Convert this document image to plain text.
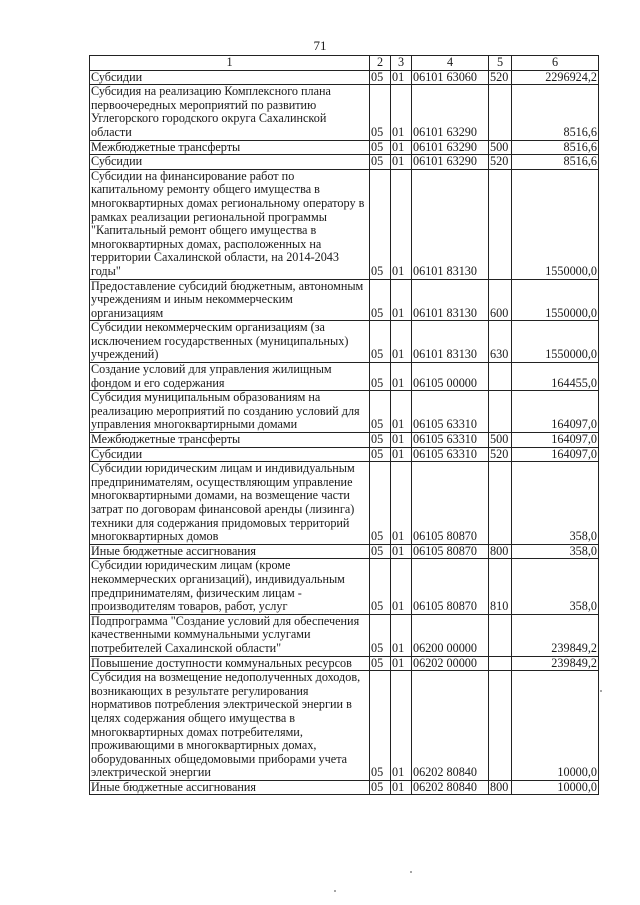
71
1	2	3	4	5	6
Субсидии	05	01	06101 63060	520	2296924,2
Субсидия на реализацию Комплексного плана первоочередных мероприятий по развитию Углегорского городского округа Сахалинской области	05	01	06101 63290		8516,6
Межбюджетные трансферты	05	01	06101 63290	500	8516,6
Субсидии	05	01	06101 63290	520	8516,6
Субсидии на финансирование работ по капитальному ремонту общего имущества в многоквартирных домах региональному оператору в рамках реализации региональной программы "Капитальный ремонт общего имущества в многоквартирных домах, расположенных на территории Сахалинской области, на 2014-2043 годы"	05	01	06101 83130		1550000,0
Предоставление субсидий бюджетным, автономным учреждениям и иным некоммерческим организациям	05	01	06101 83130	600	1550000,0
Субсидии некоммерческим организациям (за исключением государственных (муниципальных) учреждений)	05	01	06101 83130	630	1550000,0
Создание условий для управления жилищным фондом и его содержания	05	01	06105 00000		164455,0
Субсидия муниципальным образованиям на реализацию мероприятий по созданию условий для управления многоквартирными домами	05	01	06105 63310		164097,0
Межбюджетные трансферты	05	01	06105 63310	500	164097,0
Субсидии	05	01	06105 63310	520	164097,0
Субсидии юридическим лицам и индивидуальным предпринимателям, осуществляющим управление многоквартирными домами, на возмещение части затрат по договорам финансовой аренды (лизинга) техники для содержания придомовых территорий многоквартирных домов	05	01	06105 80870		358,0
Иные бюджетные ассигнования	05	01	06105 80870	800	358,0
Субсидии юридическим лицам (кроме некоммерческих организаций), индивидуальным предпринимателям, физическим лицам - производителям товаров, работ, услуг	05	01	06105 80870	810	358,0
Подпрограмма "Создание условий для обеспечения качественными коммунальными услугами потребителей Сахалинской области"	05	01	06200 00000		239849,2
Повышение доступности коммунальных ресурсов	05	01	06202 00000		239849,2
Субсидия на возмещение недополученных доходов, возникающих в результате регулирования нормативов потребления электрической энергии в целях содержания общего имущества в многоквартирных домах потребителями, проживающими в многоквартирных домах, оборудованных общедомовыми приборами учета электрической энергии	05	01	06202 80840		10000,0
Иные бюджетные ассигнования	05	01	06202 80840	800	10000,0
